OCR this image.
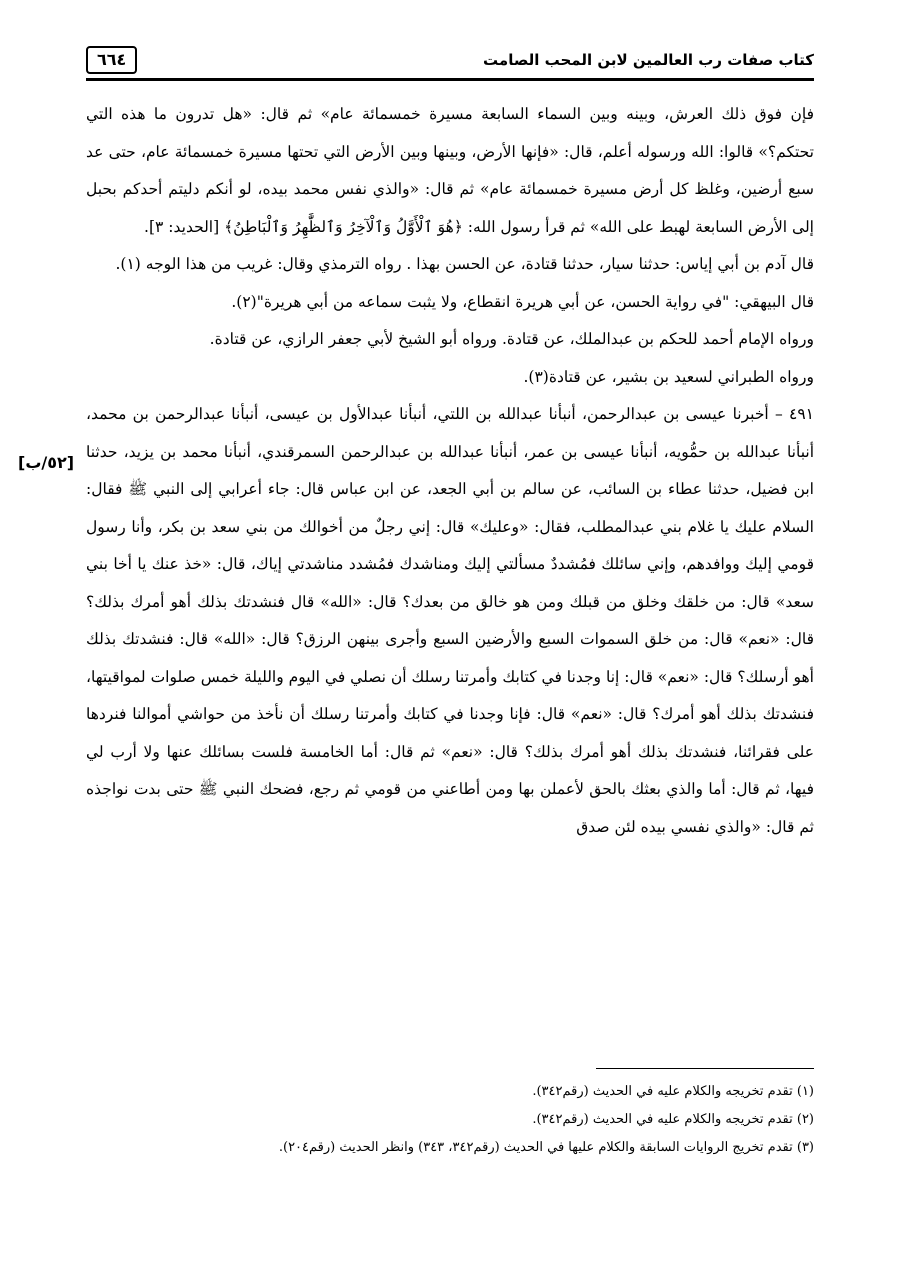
كتاب صفات رب العالمين لابن المحب الصامت
٦٦٤
[٥٢/ب]

فإن فوق ذلك العرش، وبينه وبين السماء السابعة مسيرة خمسمائة عام» ثم قال: «هل تدرون ما هذه التي تحتكم؟» قالوا: الله ورسوله أعلم، قال: «فإنها الأرض، وبينها وبين الأرض التي تحتها مسيرة خمسمائة عام، حتى عد سبع أرضين، وغلظ كل أرض مسيرة خمسمائة عام» ثم قال: «والذي نفس محمد بيده، لو أنكم دليتم أحدكم بحبل إلى الأرض السابعة لهبط على الله» ثم قرأ رسول الله: ﴿هُوَ ٱلْأَوَّلُ وَٱلْآخِرُ وَٱلظَّٰهِرُ وَٱلْبَاطِنُ﴾ [الحديد: ٣].

قال آدم بن أبي إياس: حدثنا سيار، حدثنا قتادة، عن الحسن بهذا . رواه الترمذي وقال: غريب من هذا الوجه (١).

قال البيهقي: "في رواية الحسن، عن أبي هريرة انقطاع، ولا يثبت سماعه من أبي هريرة"(٢).

ورواه الإمام أحمد للحكم بن عبدالملك، عن قتادة. ورواه أبو الشيخ لأبي جعفر الرازي، عن قتادة.

ورواه الطبراني لسعيد بن بشير، عن قتادة(٣).

٤٩١ – أخبرنا عيسى بن عبدالرحمن، أنبأنا عبدالله بن اللتي، أنبأنا عبدالأول بن عيسى، أنبأنا عبدالرحمن بن محمد، أنبأنا عبدالله بن حمُّويه، أنبأنا عيسى بن عمر، أنبأنا عبدالله بن عبدالرحمن السمرقندي، أنبأنا محمد بن يزيد، حدثنا ابن فضيل، حدثنا عطاء بن السائب، عن سالم بن أبي الجعد، عن ابن عباس قال: جاء أعرابي إلى النبي ﷺ فقال: السلام عليك يا غلام بني عبدالمطلب، فقال: «وعليك» قال: إني رجلٌ من أخوالك من بني سعد بن بكر، وأنا رسول قومي إليك ووافدهم، وإني سائلك فمُشددٌ مسألتي إليك ومناشدك فمُشدد مناشدتي إياك، قال: «خذ عنك يا أخا بني سعد» قال: من خلقك وخلق من قبلك ومن هو خالق من بعدك؟ قال: «الله» قال فنشدتك بذلك أهو أمرك بذلك؟ قال: «نعم» قال: من خلق السموات السبع والأرضين السبع وأجرى بينهن الرزق؟ قال: «الله» قال: فنشدتك بذلك أهو أرسلك؟ قال: «نعم» قال: إنا وجدنا في كتابك وأمرتنا رسلك أن نصلي في اليوم والليلة خمس صلوات لمواقيتها، فنشدتك بذلك أهو أمرك؟ قال: «نعم» قال: فإنا وجدنا في كتابك وأمرتنا رسلك أن نأخذ من حواشي أموالنا فنردها على فقرائنا، فنشدتك بذلك أهو أمرك بذلك؟ قال: «نعم» ثم قال: أما الخامسة فلست بسائلك عنها ولا أرب لي فيها، ثم قال: أما والذي بعثك بالحق لأعملن بها ومن أطاعني من قومي ثم رجع، فضحك النبي ﷺ حتى بدت نواجذه ثم قال: «والذي نفسي بيده لئن صدق

(١) تقدم تخريجه والكلام عليه في الحديث (رقم٣٤٢).

(٢) تقدم تخريجه والكلام عليه في الحديث (رقم٣٤٢).

(٣) تقدم تخريج الروايات السابقة والكلام عليها في الحديث (رقم٣٤٢، ٣٤٣) وانظر الحديث (رقم٢٠٤).
